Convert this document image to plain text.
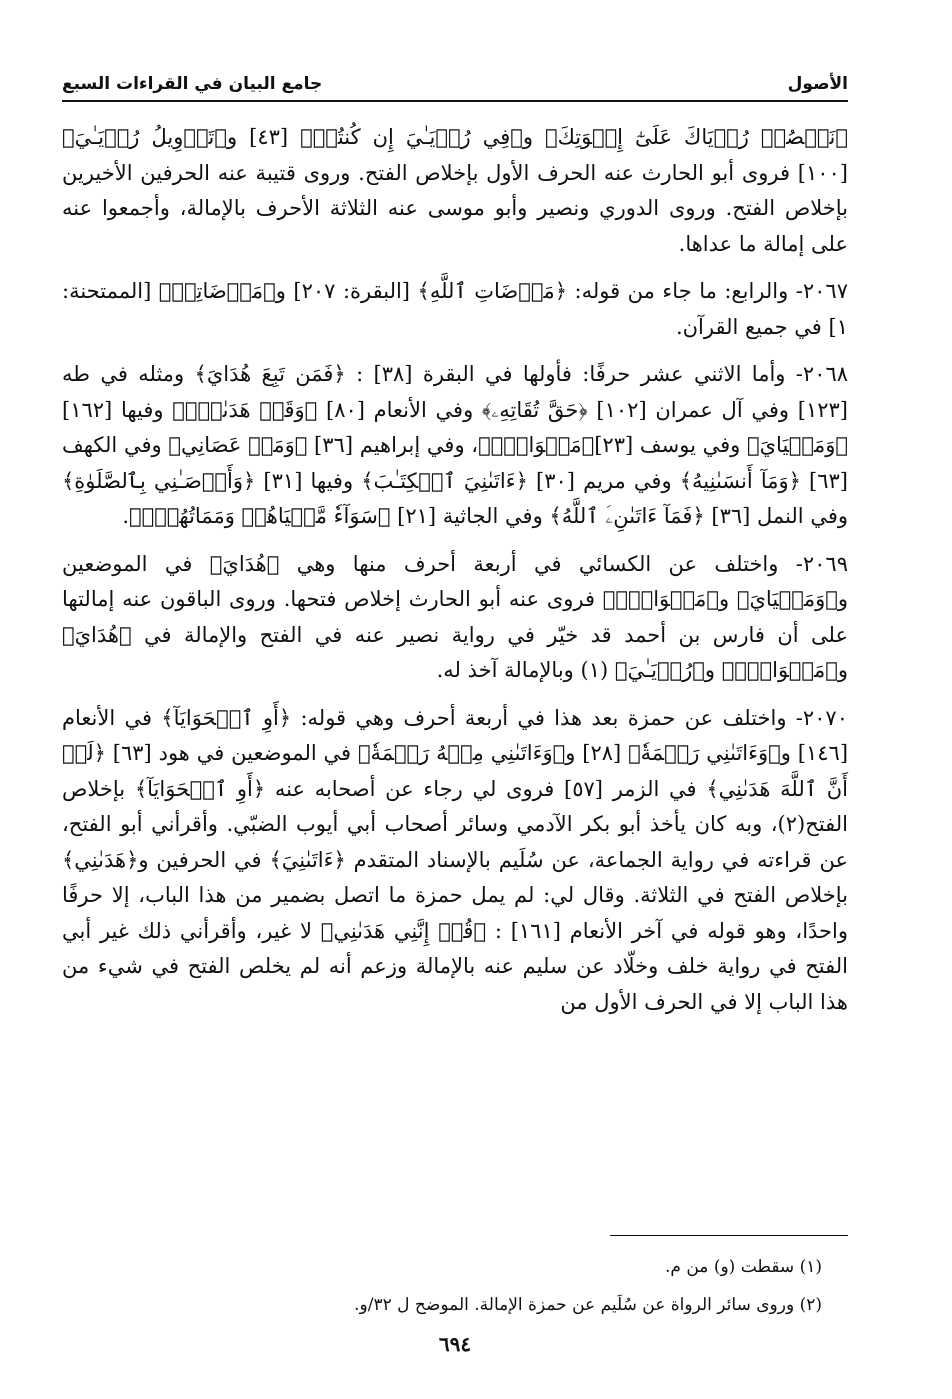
الأصول
جامع البيان في القراءات السبع

﴿نَقۡصُصۡ رُءۡيَاكَ عَلَىٰٓ إِخۡوَتِكَ﴾ و﴿فِي رُءۡيَـٰيَ إِن كُنتُمۡ﴾ [٤٣] و﴿تَأۡوِيلُ رُءۡيَـٰيَ﴾ [١٠٠] فروى أبو الحارث عنه الحرف الأول بإخلاص الفتح. وروى قتيبة عنه الحرفين الأخيرين بإخلاص الفتح. وروى الدوري ونصير وأبو موسى عنه الثلاثة الأحرف بالإمالة، وأجمعوا عنه على إمالة ما عداها.

٢٠٦٧- والرابع: ما جاء من قوله: ﴿مَرۡضَاتِ ٱللَّهِ﴾ [البقرة: ٢٠٧] و﴿مَرۡضَاتِيۚ﴾ [الممتحنة: ١] في جميع القرآن.

٢٠٦٨- وأما الاثني عشر حرفًا: فأولها في البقرة [٣٨] : ﴿فَمَن تَبِعَ هُدَايَ﴾ ومثله في طه [١٢٣] وفي آل عمران [١٠٢] ﴿حَقَّ تُقَاتِهِۦ﴾ وفي الأنعام [٨٠] ﴿وَقَدۡ هَدَىٰنِۚ﴾ وفيها [١٦٢] ﴿وَمَحۡيَايَ﴾ وفي يوسف [٢٣]﴿مَثۡوَايَۖ﴾، وفي إبراهيم [٣٦] ﴿وَمَنۡ عَصَانِي﴾ وفي الكهف [٦٣] ﴿وَمَآ أَنسَىٰنِيهُ﴾ وفي مريم [٣٠] ﴿ءَاتَىٰنِيَ ٱلۡكِتَـٰبَ﴾ وفيها [٣١] ﴿وَأَوۡصَـٰنِي بِٱلصَّلَوٰةِ﴾ وفي النمل [٣٦] ﴿فَمَآ ءَاتَىٰنِۦَ ٱللَّهُ﴾ وفي الجاثية [٢١] ﴿سَوَآءٗ مَّحۡيَاهُمۡ وَمَمَاتُهُمۡۚ﴾.

٢٠٦٩- واختلف عن الكسائي في أربعة أحرف منها وهي ﴿هُدَايَ﴾ في الموضعين و﴿وَمَحۡيَايَ﴾ و﴿مَثۡوَايَۖ﴾ فروى عنه أبو الحارث إخلاص فتحها. وروى الباقون عنه إمالتها على أن فارس بن أحمد قد خيّر في رواية نصير عنه في الفتح والإمالة في ﴿هُدَايَ﴾ و﴿مَثۡوَايَۖ﴾ و﴿رُءۡيَـٰيَ﴾ (١) وبالإمالة آخذ له.

٢٠٧٠- واختلف عن حمزة بعد هذا في أربعة أحرف وهي قوله: ﴿أَوِ ٱلۡحَوَايَآ﴾ في الأنعام [١٤٦] و﴿وَءَاتَىٰنِي رَحۡمَةٗ﴾ [٢٨] و﴿وَءَاتَىٰنِي مِنۡهُ رَحۡمَةٗ﴾ في الموضعين في هود [٦٣] ﴿لَوۡ أَنَّ ٱللَّهَ هَدَىٰنِي﴾ في الزمر [٥٧] فروى لي رجاء عن أصحابه عنه ﴿أَوِ ٱلۡحَوَايَآ﴾ بإخلاص الفتح(٢)، وبه كان يأخذ أبو بكر الآدمي وسائر أصحاب أبي أيوب الضبّي. وأقرأني أبو الفتح، عن قراءته في رواية الجماعة، عن سُلَيم بالإسناد المتقدم ﴿ءَاتَىٰنِيَ﴾ في الحرفين و﴿هَدَىٰنِي﴾ بإخلاص الفتح في الثلاثة. وقال لي: لم يمل حمزة ما اتصل بضمير من هذا الباب، إلا حرفًا واحدًا، وهو قوله في آخر الأنعام [١٦١] : ﴿قُلۡ إِنَّنِي هَدَىٰنِي﴾ لا غير، وأقرأني ذلك غير أبي الفتح في رواية خلف وخلّاد عن سليم عنه بالإمالة وزعم أنه لم يخلص الفتح في شيء من هذا الباب إلا في الحرف الأول من

(١) سقطت (و) من م.
(٢) وروى سائر الرواة عن سُلَيم عن حمزة الإمالة. الموضح ل ٣٢/و.
٦٩٤
